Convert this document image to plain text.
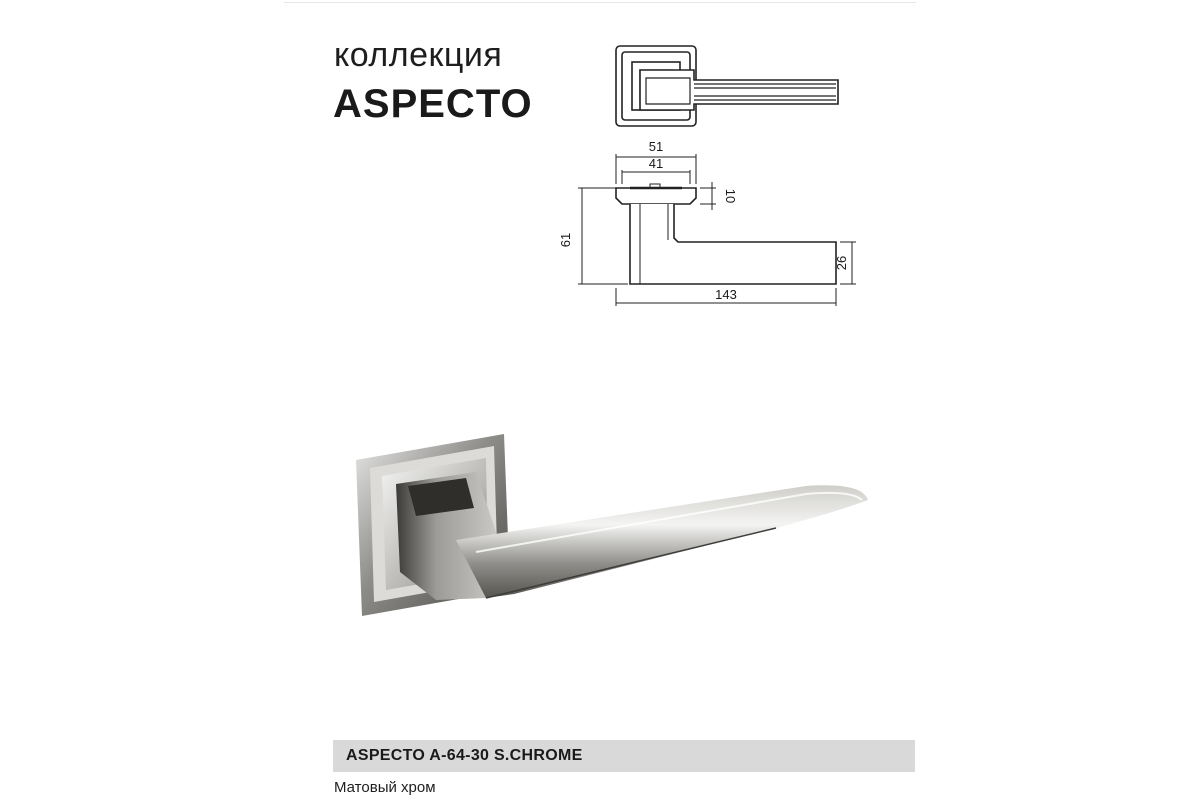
коллекция
ASPECTO
51
41
10
61
26
143
ASPECTO A-64-30 S.CHROME
Матовый хром
